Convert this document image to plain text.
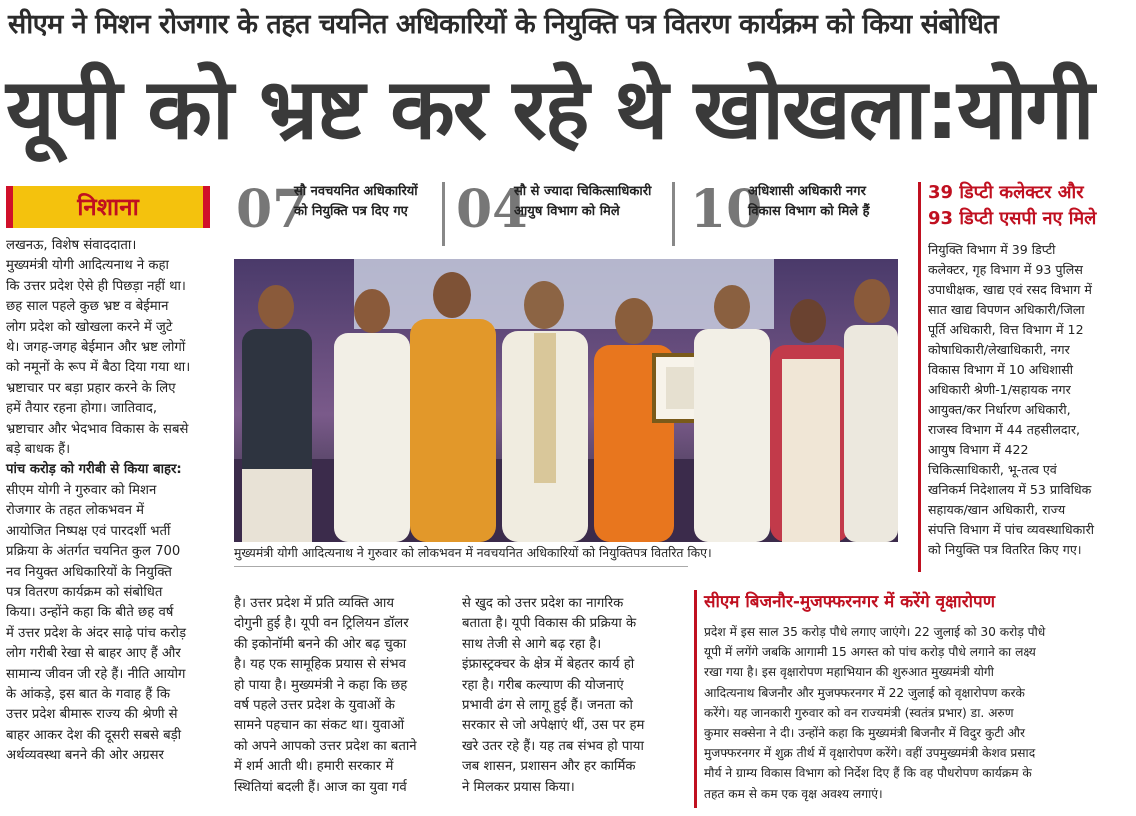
सीएम ने मिशन रोजगार के तहत चयनित अधिकारियों के नियुक्ति पत्र वितरण कार्यक्रम को किया संबोधित
यूपी को भ्रष्ट कर रहे थे खोखला:योगी
निशाना	07
सौ नवचयनित अधिकारियों को नियुक्ति पत्र दिए गए 04
सौ से ज्यादा चिकित्साधिकारी आयुष विभाग को मिले	10
अधिशासी अधिकारी नगर विकास विभाग को मिले हैं
लखनऊ, विशेष संवाददाता।
मुख्यमंत्री योगी आदित्यनाथ ने कहा
कि उत्तर प्रदेश ऐसे ही पिछड़ा नहीं था।
छह साल पहले कुछ भ्रष्ट व बेईमान
लोग प्रदेश को खोखला करने में जुटे
थे। जगह-जगह बेईमान और भ्रष्ट लोगों
को नमूनों के रूप में बैठा दिया गया था।
भ्रष्टाचार पर बड़ा प्रहार करने के लिए
हमें तैयार रहना होगा। जातिवाद,
भ्रष्टाचार और भेदभाव विकास के सबसे
बड़े बाधक हैं।
पांच करोड़ को गरीबी से किया बाहर:
सीएम योगी ने गुरुवार को मिशन
रोजगार के तहत लोकभवन में
आयोजित निष्पक्ष एवं पारदर्शी भर्ती
प्रक्रिया के अंतर्गत चयनित कुल 700
नव नियुक्त अधिकारियों के नियुक्ति
पत्र वितरण कार्यक्रम को संबोधित
किया। उन्होंने कहा कि बीते छह वर्ष
में उत्तर प्रदेश के अंदर साढ़े पांच करोड़
लोग गरीबी रेखा से बाहर आए हैं और
सामान्य जीवन जी रहे हैं। नीति आयोग
के आंकड़े, इस बात के गवाह हैं कि
उत्तर प्रदेश बीमारू राज्य की श्रेणी से
बाहर आकर देश की दूसरी सबसे बड़ी
अर्थव्यवस्था बनने की ओर अग्रसर
मुख्यमंत्री योगी आदित्यनाथ ने गुरुवार को लोकभवन में नवचयनित अधिकारियों को नियुक्तिपत्र वितरित किए।
है। उत्तर प्रदेश में प्रति व्यक्ति आय
दोगुनी हुई है। यूपी वन ट्रिलियन डॉलर
की इकोनॉमी बनने की ओर बढ़ चुका
है। यह एक सामूहिक प्रयास से संभव
हो पाया है। मुख्यमंत्री ने कहा कि छह
वर्ष पहले उत्तर प्रदेश के युवाओं के
सामने पहचान का संकट था। युवाओं
को अपने आपको उत्तर प्रदेश का बताने
में शर्म आती थी। हमारी सरकार में
स्थितियां बदली हैं। आज का युवा गर्व
से खुद को उत्तर प्रदेश का नागरिक
बताता है। यूपी विकास की प्रक्रिया के
साथ तेजी से आगे बढ़ रहा है।
इंफ्रास्ट्रक्चर के क्षेत्र में बेहतर कार्य हो
रहा है। गरीब कल्याण की योजनाएं
प्रभावी ढंग से लागू हुई हैं। जनता को
सरकार से जो अपेक्षाएं थीं, उस पर हम
खरे उतर रहे हैं। यह तब संभव हो पाया
जब शासन, प्रशासन और हर कार्मिक
ने मिलकर प्रयास किया।
39 डिप्टी कलेक्टर और
93 डिप्टी एसपी नए मिले
नियुक्ति विभाग में 39 डिप्टी
कलेक्टर, गृह विभाग में 93 पुलिस
उपाधीक्षक, खाद्य एवं रसद विभाग में
सात खाद्य विपणन अधिकारी/जिला
पूर्ति अधिकारी, वित्त विभाग में 12
कोषाधिकारी/लेखाधिकारी, नगर
विकास विभाग में 10 अधिशासी
अधिकारी श्रेणी-1/सहायक नगर
आयुक्त/कर निर्धारण अधिकारी,
राजस्व विभाग में 44 तहसीलदार,
आयुष विभाग में 422
चिकित्साधिकारी, भू-तत्व एवं
खनिकर्म निदेशालय में 53 प्राविधिक
सहायक/खान अधिकारी, राज्य
संपत्ति विभाग में पांच व्यवस्थाधिकारी
को नियुक्ति पत्र वितरित किए गए।
सीएम बिजनौर-मुजफ्फरनगर में करेंगे वृक्षारोपण
प्रदेश में इस साल 35 करोड़ पौधे लगाए जाएंगे। 22 जुलाई को 30 करोड़ पौधे
यूपी में लगेंगे जबकि आगामी 15 अगस्त को पांच करोड़ पौधे लगाने का लक्ष्य
रखा गया है। इस वृक्षारोपण महाभियान की शुरुआत मुख्यमंत्री योगी
आदित्यनाथ बिजनौर और मुजफ्फरनगर में 22 जुलाई को वृक्षारोपण करके
करेंगे। यह जानकारी गुरुवार को वन राज्यमंत्री (स्वतंत्र प्रभार) डा. अरुण
कुमार सक्सेना ने दी। उन्होंने कहा कि मुख्यमंत्री बिजनौर में विदुर कुटी और
मुजफ्फरनगर में शुक्र तीर्थ में वृक्षारोपण करेंगे। वहीं उपमुख्यमंत्री केशव प्रसाद
मौर्य ने ग्राम्य विकास विभाग को निर्देश दिए हैं कि वह पौधरोपण कार्यक्रम के
तहत कम से कम एक वृक्ष अवश्य लगाएं।
